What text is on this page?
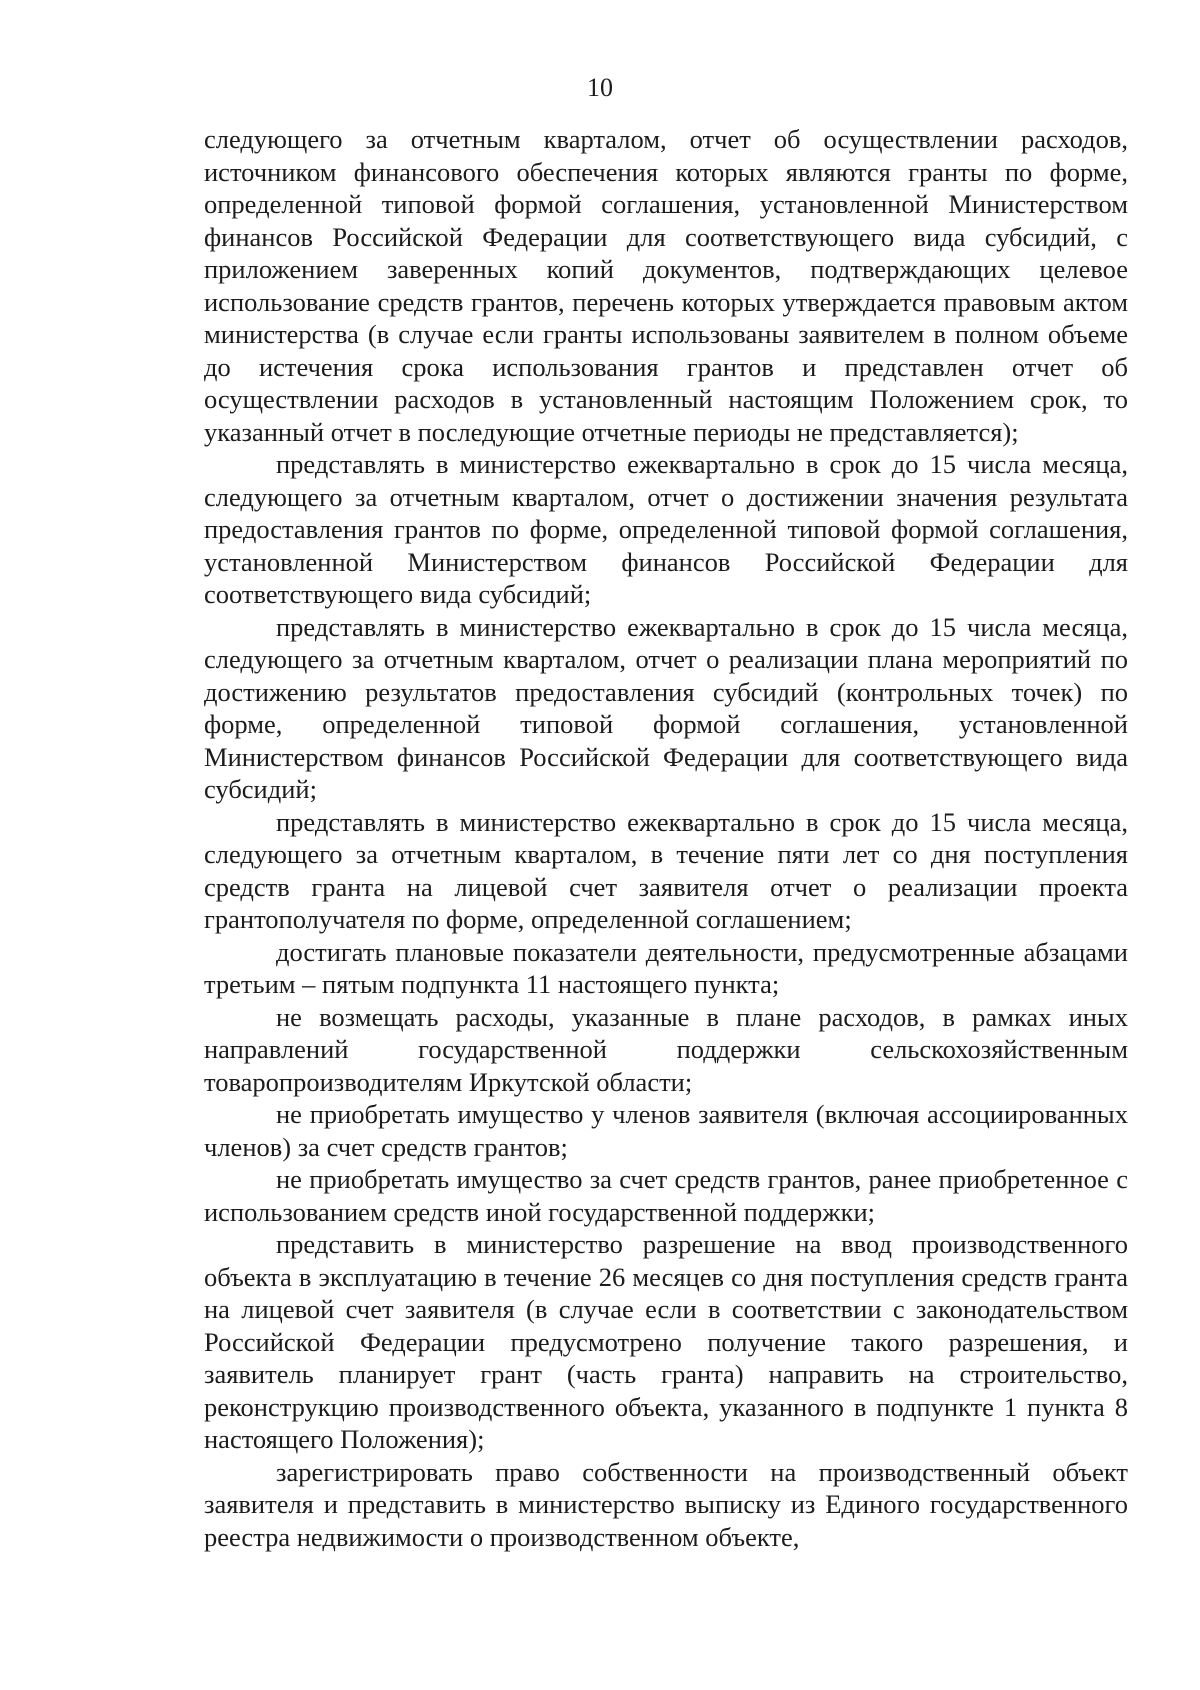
10

следующего за отчетным кварталом, отчет об осуществлении расходов, источником финансового обеспечения которых являются гранты по форме, определенной типовой формой соглашения, установленной Министерством финансов Российской Федерации для соответствующего вида субсидий, с приложением заверенных копий документов, подтверждающих целевое использование средств грантов, перечень которых утверждается правовым актом министерства (в случае если гранты использованы заявителем в полном объеме до истечения срока использования грантов и представлен отчет об осуществлении расходов в установленный настоящим Положением срок, то указанный отчет в последующие отчетные периоды не представляется);

представлять в министерство ежеквартально в срок до 15 числа месяца, следующего за отчетным кварталом, отчет о достижении значения результата предоставления грантов по форме, определенной типовой формой соглашения, установленной Министерством финансов Российской Федерации для соответствующего вида субсидий;

представлять в министерство ежеквартально в срок до 15 числа месяца, следующего за отчетным кварталом, отчет о реализации плана мероприятий по достижению результатов предоставления субсидий (контрольных точек) по форме, определенной типовой формой соглашения, установленной Министерством финансов Российской Федерации для соответствующего вида субсидий;

представлять в министерство ежеквартально в срок до 15 числа месяца, следующего за отчетным кварталом, в течение пяти лет со дня поступления средств гранта на лицевой счет заявителя отчет о реализации проекта грантополучателя по форме, определенной соглашением;

достигать плановые показатели деятельности, предусмотренные абзацами третьим – пятым подпункта 11 настоящего пункта;

не возмещать расходы, указанные в плане расходов, в рамках иных направлений государственной поддержки сельскохозяйственным товаропроизводителям Иркутской области;

не приобретать имущество у членов заявителя (включая ассоциированных членов) за счет средств грантов;

не приобретать имущество за счет средств грантов, ранее приобретенное с использованием средств иной государственной поддержки;

представить в министерство разрешение на ввод производственного объекта в эксплуатацию в течение 26 месяцев со дня поступления средств гранта на лицевой счет заявителя (в случае если в соответствии с законодательством Российской Федерации предусмотрено получение такого разрешения, и заявитель планирует грант (часть гранта) направить на строительство, реконструкцию производственного объекта, указанного в подпункте 1 пункта 8 настоящего Положения);

зарегистрировать право собственности на производственный объект заявителя и представить в министерство выписку из Единого государственного реестра недвижимости о производственном объекте,
